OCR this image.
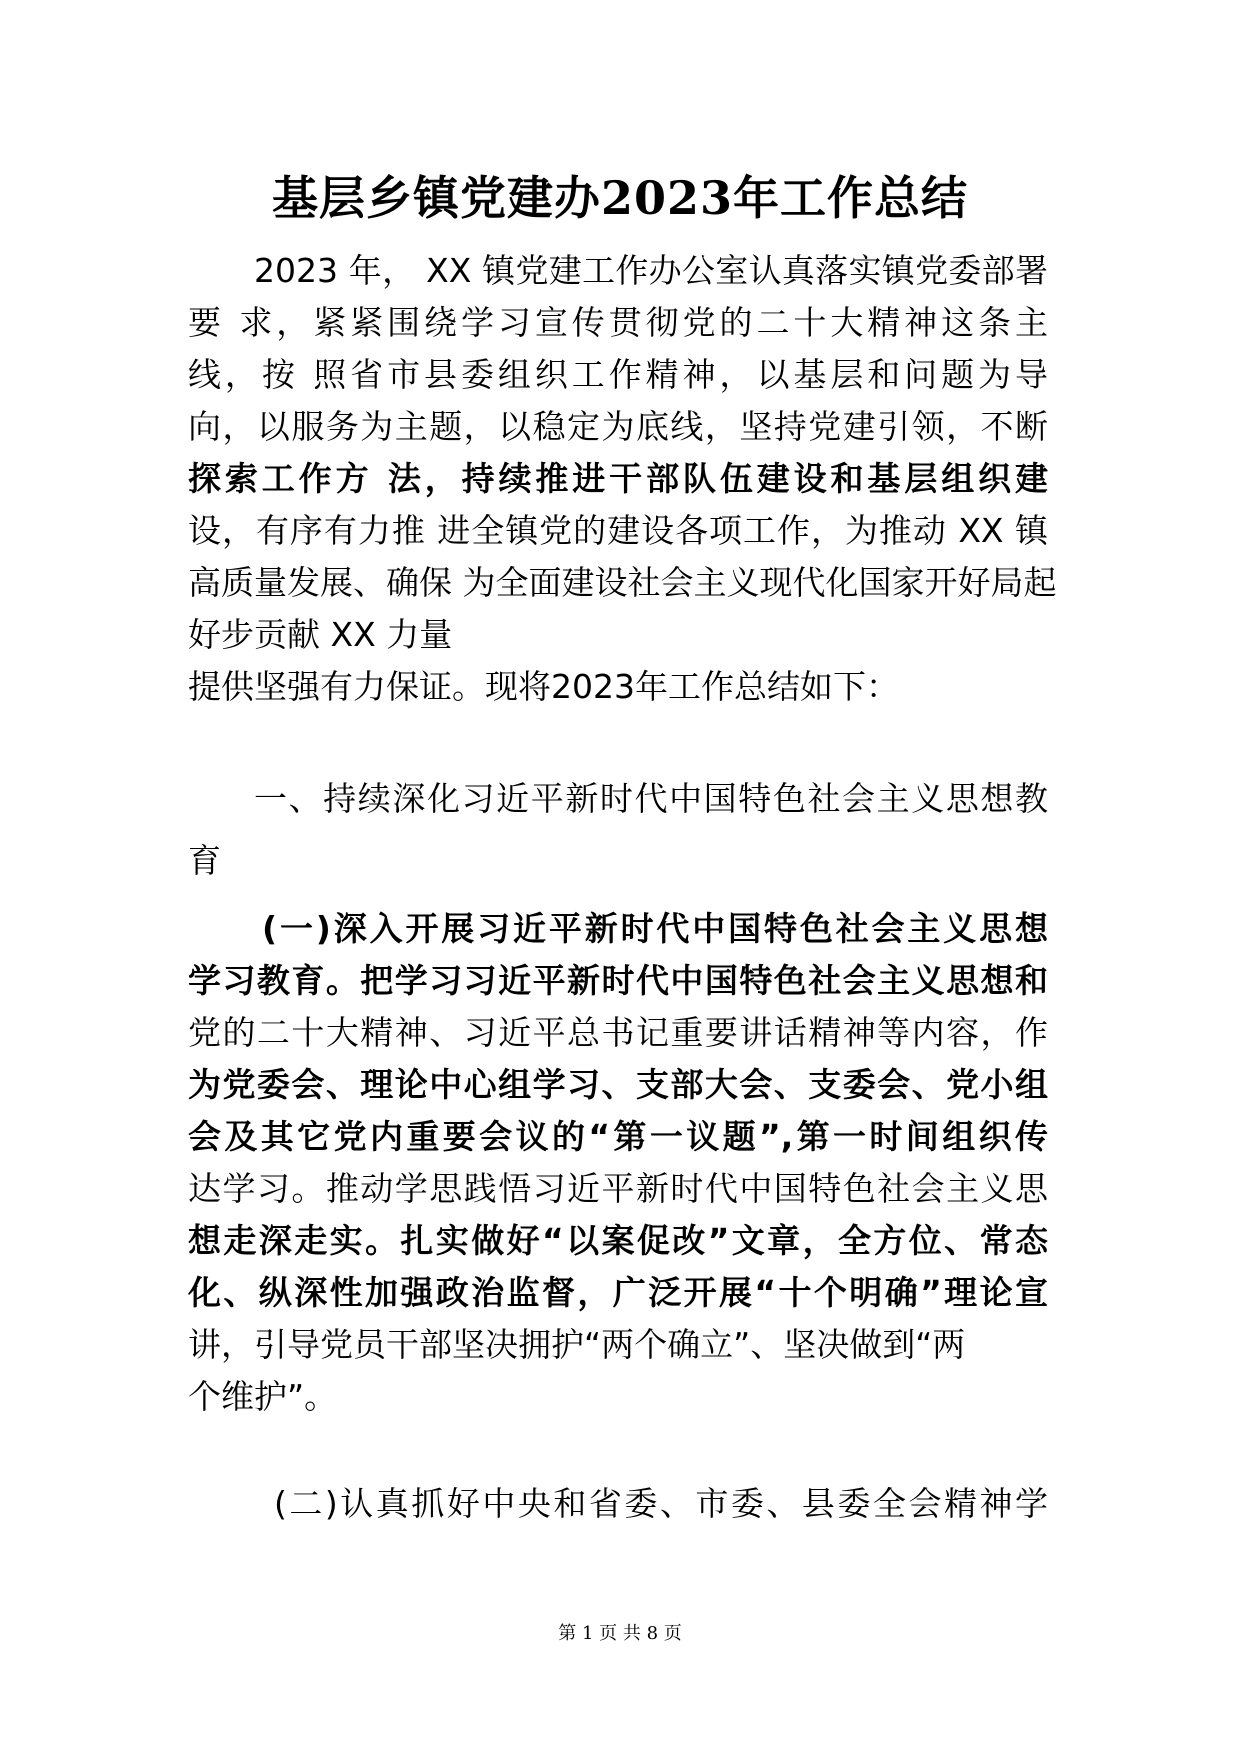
基层乡镇党建办2023年工作总结
2023 年， XX 镇党建工作办公室认真落实镇党委部署
要 求，紧紧围绕学习宣传贯彻党的二十大精神这条主
线，按 照省市县委组织工作精神，以基层和问题为导
向，以服务为主题，以稳定为底线，坚持党建引领，不断
探索工作方 法，持续推进干部队伍建设和基层组织建
设，有序有力推 进全镇党的建设各项工作，为推动 XX 镇
高质量发展、确保 为全面建设社会主义现代化国家开好局起
好步贡献 XX 力量
提供坚强有力保证。现将2023年工作总结如下：
一、持续深化习近平新时代中国特色社会主义思想教
育
(一)深入开展习近平新时代中国特色社会主义思想
学习教育。把学习习近平新时代中国特色社会主义思想和
党的二十大精神、习近平总书记重要讲话精神等内容，作
为党委会、理论中心组学习、支部大会、支委会、党小组
会及其它党内重要会议的“第一议题”,第一时间组织传
达学习。推动学思践悟习近平新时代中国特色社会主义思
想走深走实。扎实做好“以案促改”文章，全方位、常态
化、纵深性加强政治监督，广泛开展“十个明确”理论宣
讲，引导党员干部坚决拥护“两个确立”、坚决做到“两
个维护”。
(二)认真抓好中央和省委、市委、县委全会精神学
第 1 页 共 8 页
